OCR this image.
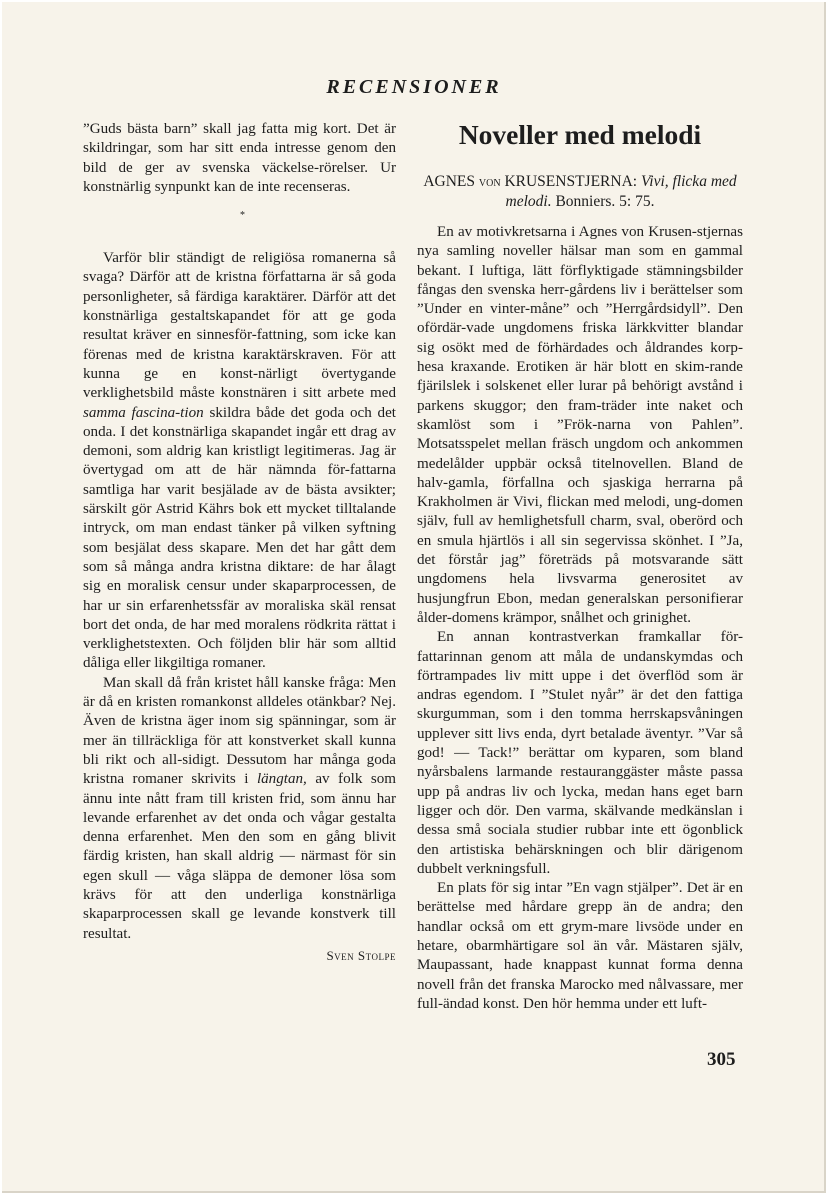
RECENSIONER

”Guds bästa barn” skall jag fatta mig kort. Det är skildringar, som har sitt enda intresse genom den bild de ger av svenska väckelse-rörelser. Ur konstnärlig synpunkt kan de inte recenseras.

*

Varför blir ständigt de religiösa romanerna så svaga? Därför att de kristna författarna är så goda personligheter, så färdiga karaktärer. Därför att det konstnärliga gestaltskapandet för att ge goda resultat kräver en sinnesför-fattning, som icke kan förenas med de kristna karaktärskraven. För att kunna ge en konst-närligt övertygande verklighetsbild måste konstnären i sitt arbete med samma fascina-tion skildra både det goda och det onda. I det konstnärliga skapandet ingår ett drag av demoni, som aldrig kan kristligt legitimeras. Jag är övertygad om att de här nämnda för-fattarna samtliga har varit besjälade av de bästa avsikter; särskilt gör Astrid Kährs bok ett mycket tilltalande intryck, om man endast tänker på vilken syftning som besjälat dess skapare. Men det har gått dem som så många andra kristna diktare: de har ålagt sig en moralisk censur under skaparprocessen, de har ur sin erfarenhetssfär av moraliska skäl rensat bort det onda, de har med moralens rödkrita rättat i verklighetstexten. Och följden blir här som alltid dåliga eller likgiltiga romaner.

Man skall då från kristet håll kanske fråga: Men är då en kristen romankonst alldeles otänkbar? Nej. Även de kristna äger inom sig spänningar, som är mer än tillräckliga för att konstverket skall kunna bli rikt och all-sidigt. Dessutom har många goda kristna romaner skrivits i längtan, av folk som ännu inte nått fram till kristen frid, som ännu har levande erfarenhet av det onda och vågar gestalta denna erfarenhet. Men den som en gång blivit färdig kristen, han skall aldrig — närmast för sin egen skull — våga släppa de demoner lösa som krävs för att den underliga konstnärliga skaparprocessen skall ge levande konstverk till resultat.

Sven Stolpe
Noveller med melodi
AGNES von KRUSENSTJERNA: Vivi, flicka med melodi. Bonniers. 5: 75.

En av motivkretsarna i Agnes von Krusen-stjernas nya samling noveller hälsar man som en gammal bekant. I luftiga, lätt förflyktigade stämningsbilder fångas den svenska herr-gårdens liv i berättelser som ”Under en vinter-måne” och ”Herrgårdsidyll”. Den ofördär-vade ungdomens friska lärkkvitter blandar sig osökt med de förhärdades och åldrandes korp-hesa kraxande. Erotiken är här blott en skim-rande fjärilslek i solskenet eller lurar på behörigt avstånd i parkens skuggor; den fram-träder inte naket och skamlöst som i ”Frök-narna von Pahlen”. Motsatsspelet mellan fräsch ungdom och ankommen medelålder uppbär också titelnovellen. Bland de halv-gamla, förfallna och sjaskiga herrarna på Krakholmen är Vivi, flickan med melodi, ung-domen själv, full av hemlighetsfull charm, sval, oberörd och en smula hjärtlös i all sin segervissa skönhet. I ”Ja, det förstår jag” företräds på motsvarande sätt ungdomens hela livsvarma generositet av husjungfrun Ebon, medan generalskan personifierar ålder-domens krämpor, snålhet och grinighet.

En annan kontrastverkan framkallar för-fattarinnan genom att måla de undanskymdas och förtrampades liv mitt uppe i det överflöd som är andras egendom. I ”Stulet nyår” är det den fattiga skurgumman, som i den tomma herrskapsvåningen upplever sitt livs enda, dyrt betalade äventyr. ”Var så god! — Tack!” berättar om kyparen, som bland nyårsbalens larmande restauranggäster måste passa upp på andras liv och lycka, medan hans eget barn ligger och dör. Den varma, skälvande medkänslan i dessa små sociala studier rubbar inte ett ögonblick den artistiska behärskningen och blir därigenom dubbelt verkningsfull.

En plats för sig intar ”En vagn stjälper”. Det är en berättelse med hårdare grepp än de andra; den handlar också om ett grym-mare livsöde under en hetare, obarmhärtigare sol än vår. Mästaren själv, Maupassant, hade knappast kunnat forma denna novell från det franska Marocko med nålvassare, mer full-ändad konst. Den hör hemma under ett luft-

305
